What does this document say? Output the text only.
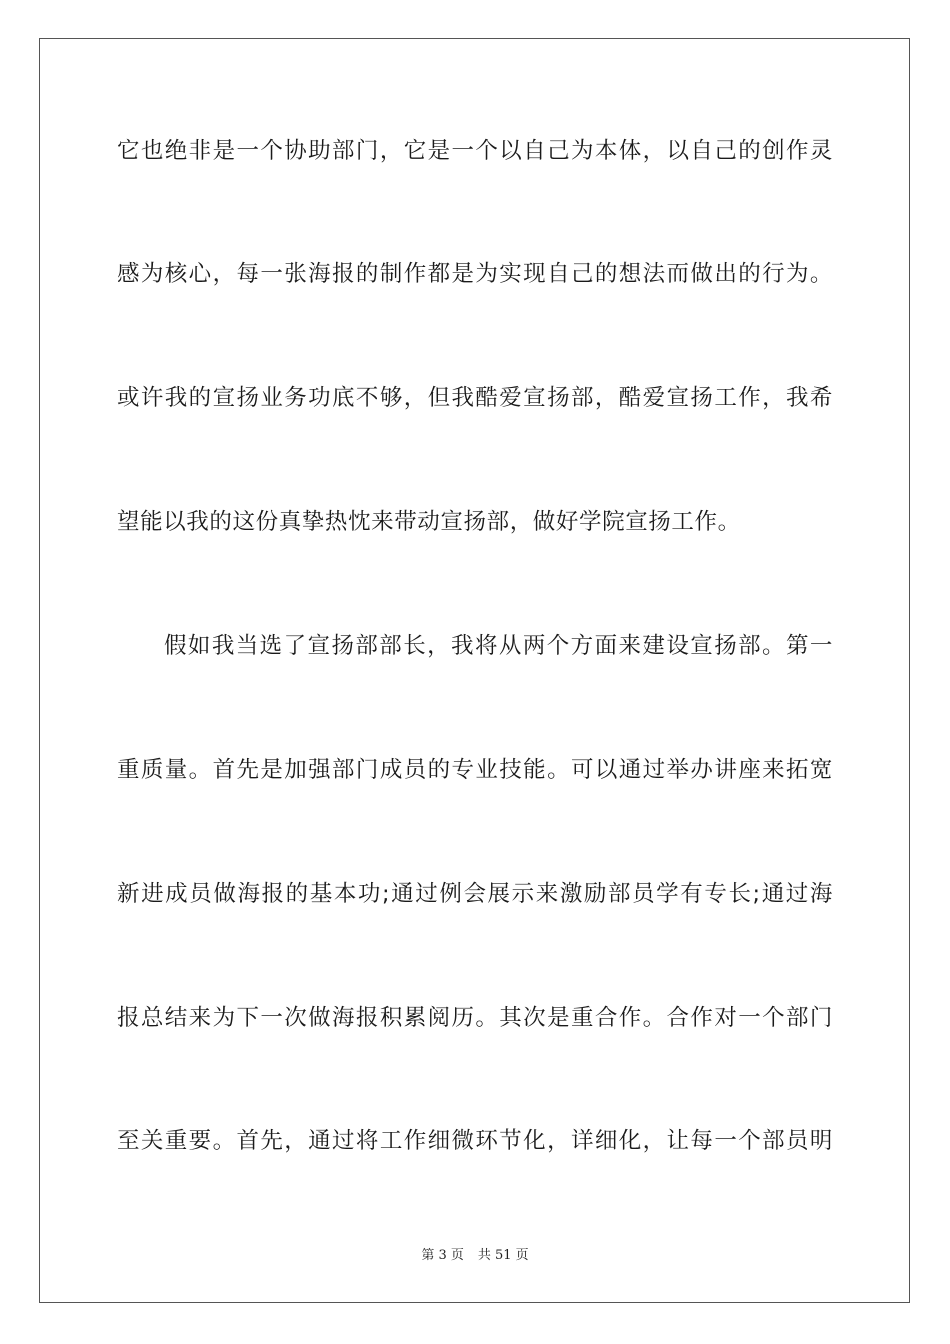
它也绝非是一个协助部门，它是一个以自己为本体，以自己的创作灵
感为核心，每一张海报的制作都是为实现自己的想法而做出的行为。
或许我的宣扬业务功底不够，但我酷爱宣扬部，酷爱宣扬工作，我希
望能以我的这份真挚热忱来带动宣扬部，做好学院宣扬工作。
假如我当选了宣扬部部长，我将从两个方面来建设宣扬部。第一
重质量。首先是加强部门成员的专业技能。可以通过举办讲座来拓宽
新进成员做海报的基本功;通过例会展示来激励部员学有专长;通过海
报总结来为下一次做海报积累阅历。其次是重合作。合作对一个部门
至关重要。首先，通过将工作细微环节化，详细化，让每一个部员明
第 3 页 共 51 页
